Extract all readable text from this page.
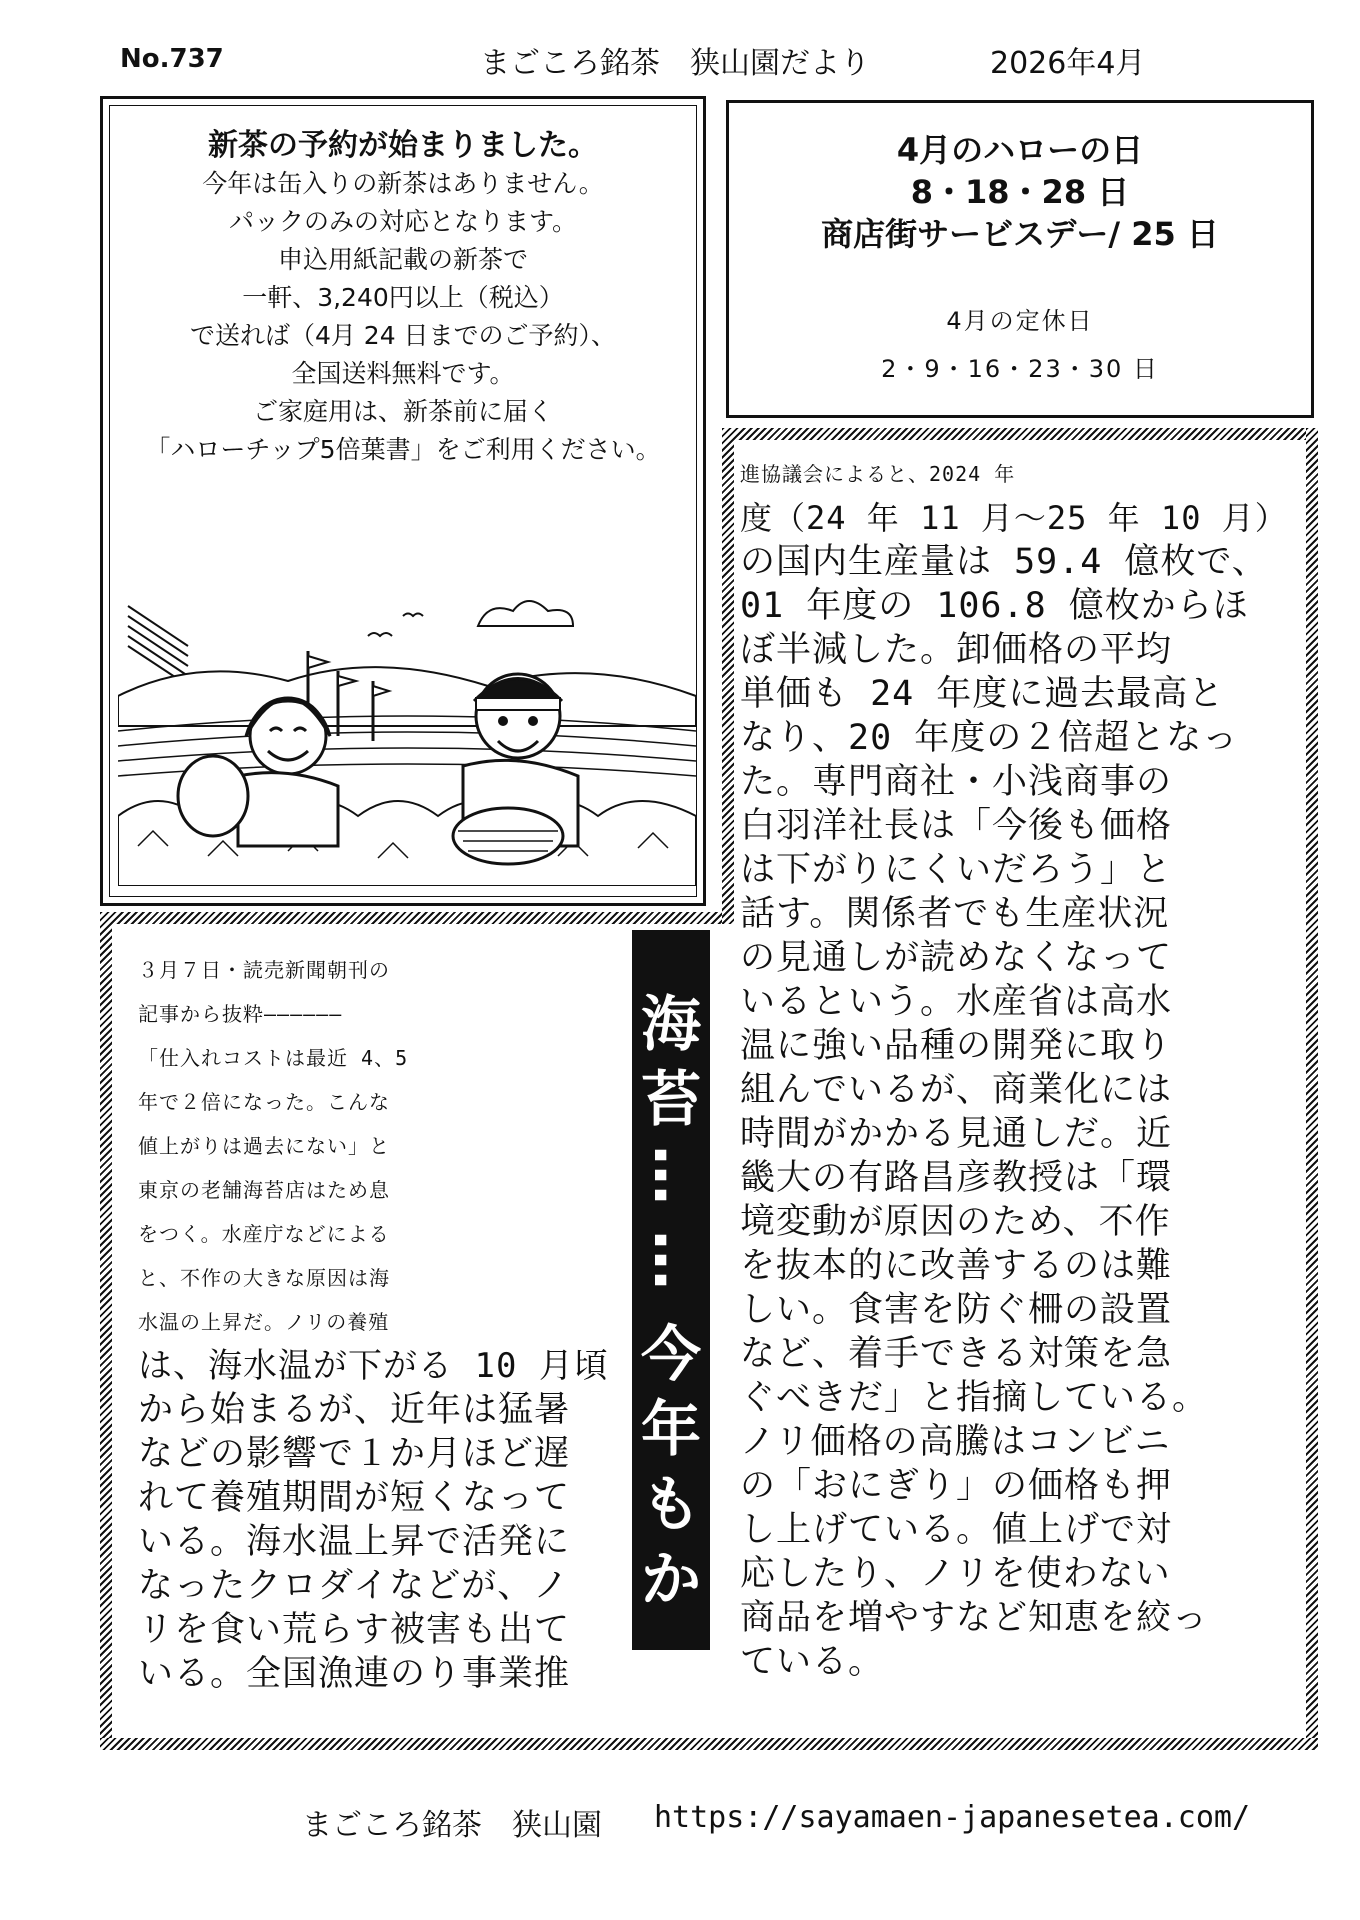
No.737	まごころ銘茶　狭山園だより	2026年4月
新茶の予約が始まりました。
今年は缶入りの新茶はありません。
パックのみの対応となります。
申込用紙記載の新茶で
一軒、3,240円以上（税込）
で送れば（4月 24 日までのご予約）、
全国送料無料です。
ご家庭用は、新茶前に届く
「ハローチップ5倍葉書」をご利用ください。
4月のハローの日
8・18・28 日
商店街サービスデー/ 25 日
4月の定休日
2・9・16・23・30 日
３月７日・読売新聞朝刊の
記事から抜粋――――――
「仕入れコストは最近 4、5
年で２倍になった。こんな
値上がりは過去にない」と
東京の老舗海苔店はため息
をつく。水産庁などによる
と、不作の大きな原因は海
水温の上昇だ。ノリの養殖
は、海水温が下がる 10 月頃
から始まるが、近年は猛暑
などの影響で１か月ほど遅
れて養殖期間が短くなって
いる。海水温上昇で活発に
なったクロダイなどが、ノ
リを食い荒らす被害も出て
いる。全国漁連のり事業推
海
苔
…
…
今
年
も
か
進協議会によると、2024 年
度（24 年 11 月～25 年 10 月）
の国内生産量は 59.4 億枚で、
01 年度の 106.8 億枚からほ
ぼ半減した。卸価格の平均
単価も 24 年度に過去最高と
なり、20 年度の２倍超となっ
た。専門商社・小浅商事の
白羽洋社長は「今後も価格
は下がりにくいだろう」と
話す。関係者でも生産状況
の見通しが読めなくなって
いるという。水産省は高水
温に強い品種の開発に取り
組んでいるが、商業化には
時間がかかる見通しだ。近
畿大の有路昌彦教授は「環
境変動が原因のため、不作
を抜本的に改善するのは難
しい。食害を防ぐ柵の設置
など、着手できる対策を急
ぐべきだ」と指摘している。
ノリ価格の高騰はコンビニ
の「おにぎり」の価格も押
し上げている。値上げで対
応したり、ノリを使わない
商品を増やすなど知恵を絞っ
ている。
まごころ銘茶　狭山園 https://sayamaen-japanesetea.com/
